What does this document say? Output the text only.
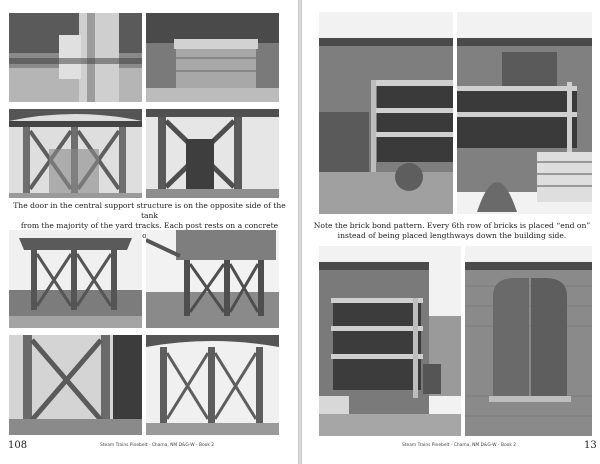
The door in the central support structure is on the opposite side of the tank
from the majority of the yard tracks. Each post rests on a concrete
108	Steam Trains Pinebelt - Chama, NM D&G-W - Book 2
Note the brick bond pattern. Every 6th row of bricks is placed “end on”
instead of being placed lengthways down the building side.
13
Steam Trains Pinebelt - Chama, NM D&G-W - Book 2
